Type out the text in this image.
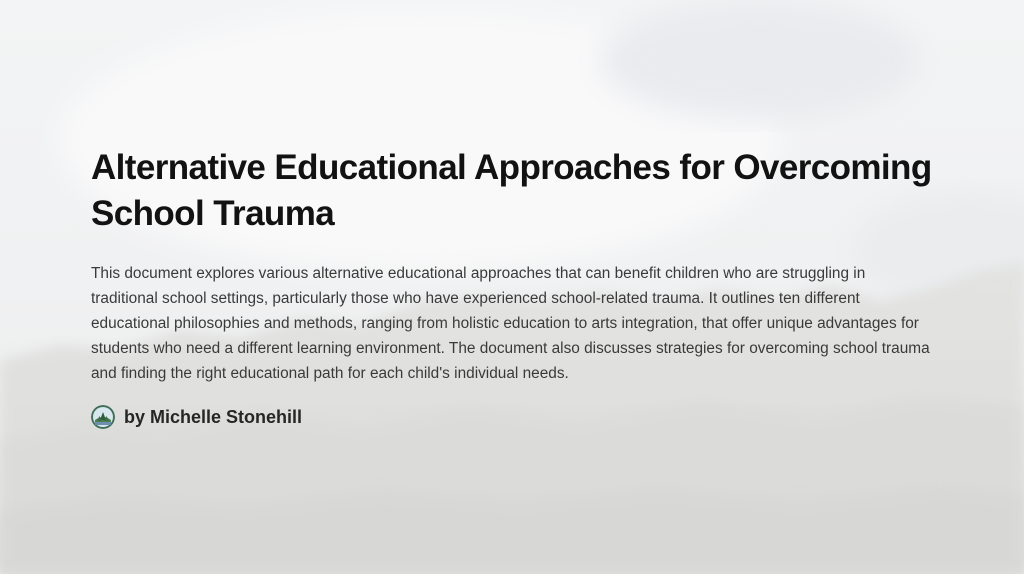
Alternative Educational Approaches for Overcoming School Trauma

This document explores various alternative educational approaches that can benefit children who are struggling in traditional school settings, particularly those who have experienced school-related trauma. It outlines ten different educational philosophies and methods, ranging from holistic education to arts integration, that offer unique advantages for students who need a different learning environment. The document also discusses strategies for overcoming school trauma and finding the right educational path for each child's individual needs.

by Michelle Stonehill
